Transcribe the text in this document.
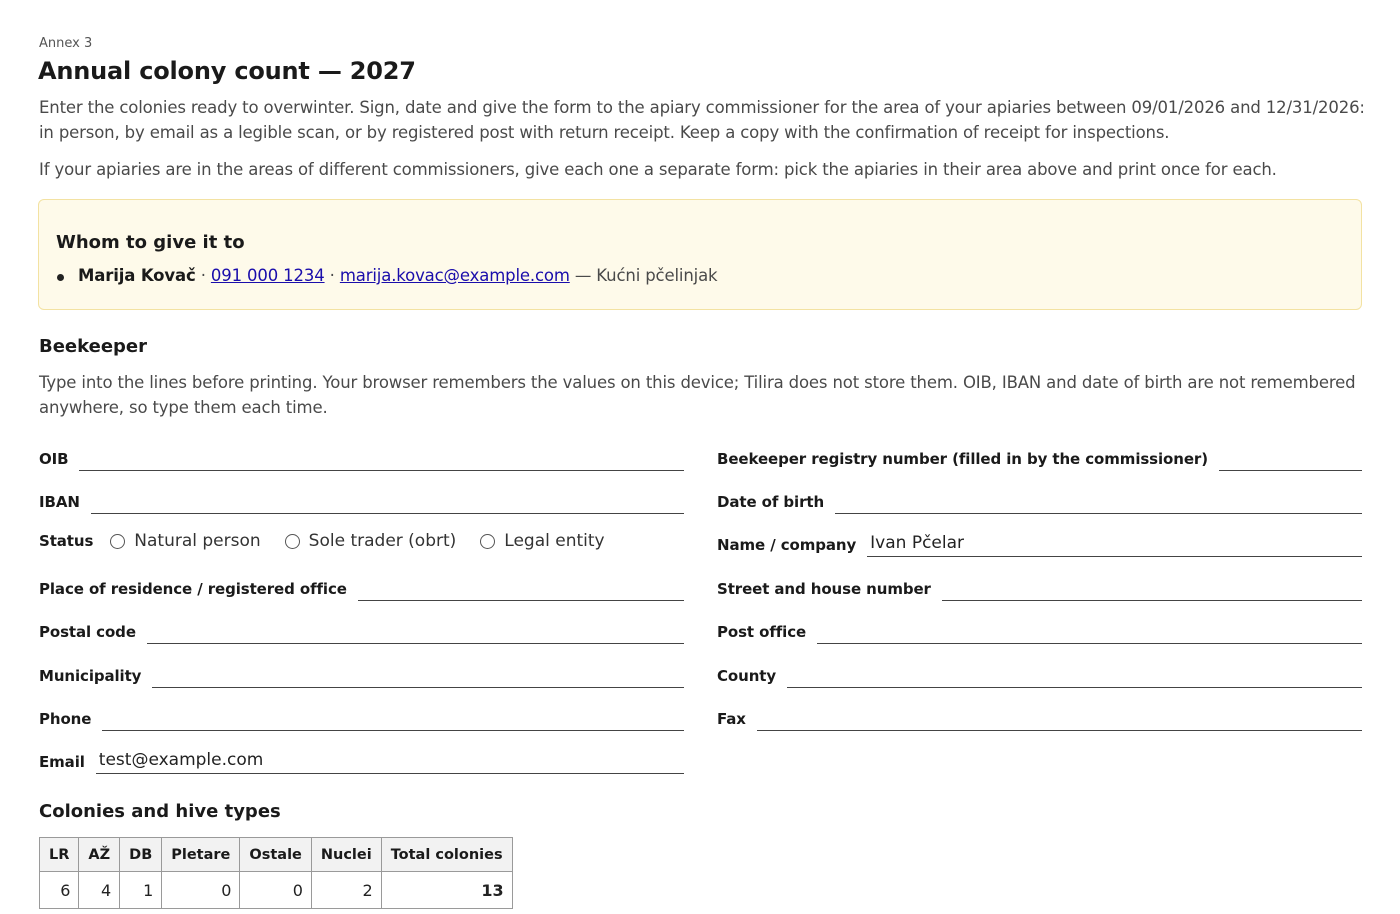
Annex 3
Annual colony count — 2027
Enter the colonies ready to overwinter. Sign, date and give the form to the apiary commissioner for the area of your apiaries between 09/01/2026 and 12/31/2026: in person, by email as a legible scan, or by registered post with return receipt. Keep a copy with the confirmation of receipt for inspections.
If your apiaries are in the areas of different commissioners, give each one a separate form: pick the apiaries in their area above and print once for each.
Whom to give it to
Marija Kovač · 091 000 1234 · marija.kovac@example.com — Kućni pčelinjak
Beekeeper
Type into the lines before printing. Your browser remembers the values on this device; Tilira does not store them. OIB, IBAN and date of birth are not remembered anywhere, so type them each time.
OIB
IBAN
Status Natural person	Sole trader (obrt)	Legal entity
Place of residence / registered office
Postal code
Municipality
Phone
Email test@example.com
Beekeeper registry number (filled in by the commissioner)
Date of birth
Name / company Ivan Pčelar
Street and house number
Post office
County
Fax
Colonies and hive types
LR	AŽ	DB	Pletare	Ostale	Nuclei	Total colonies
6	4	1	0	0	2	13
